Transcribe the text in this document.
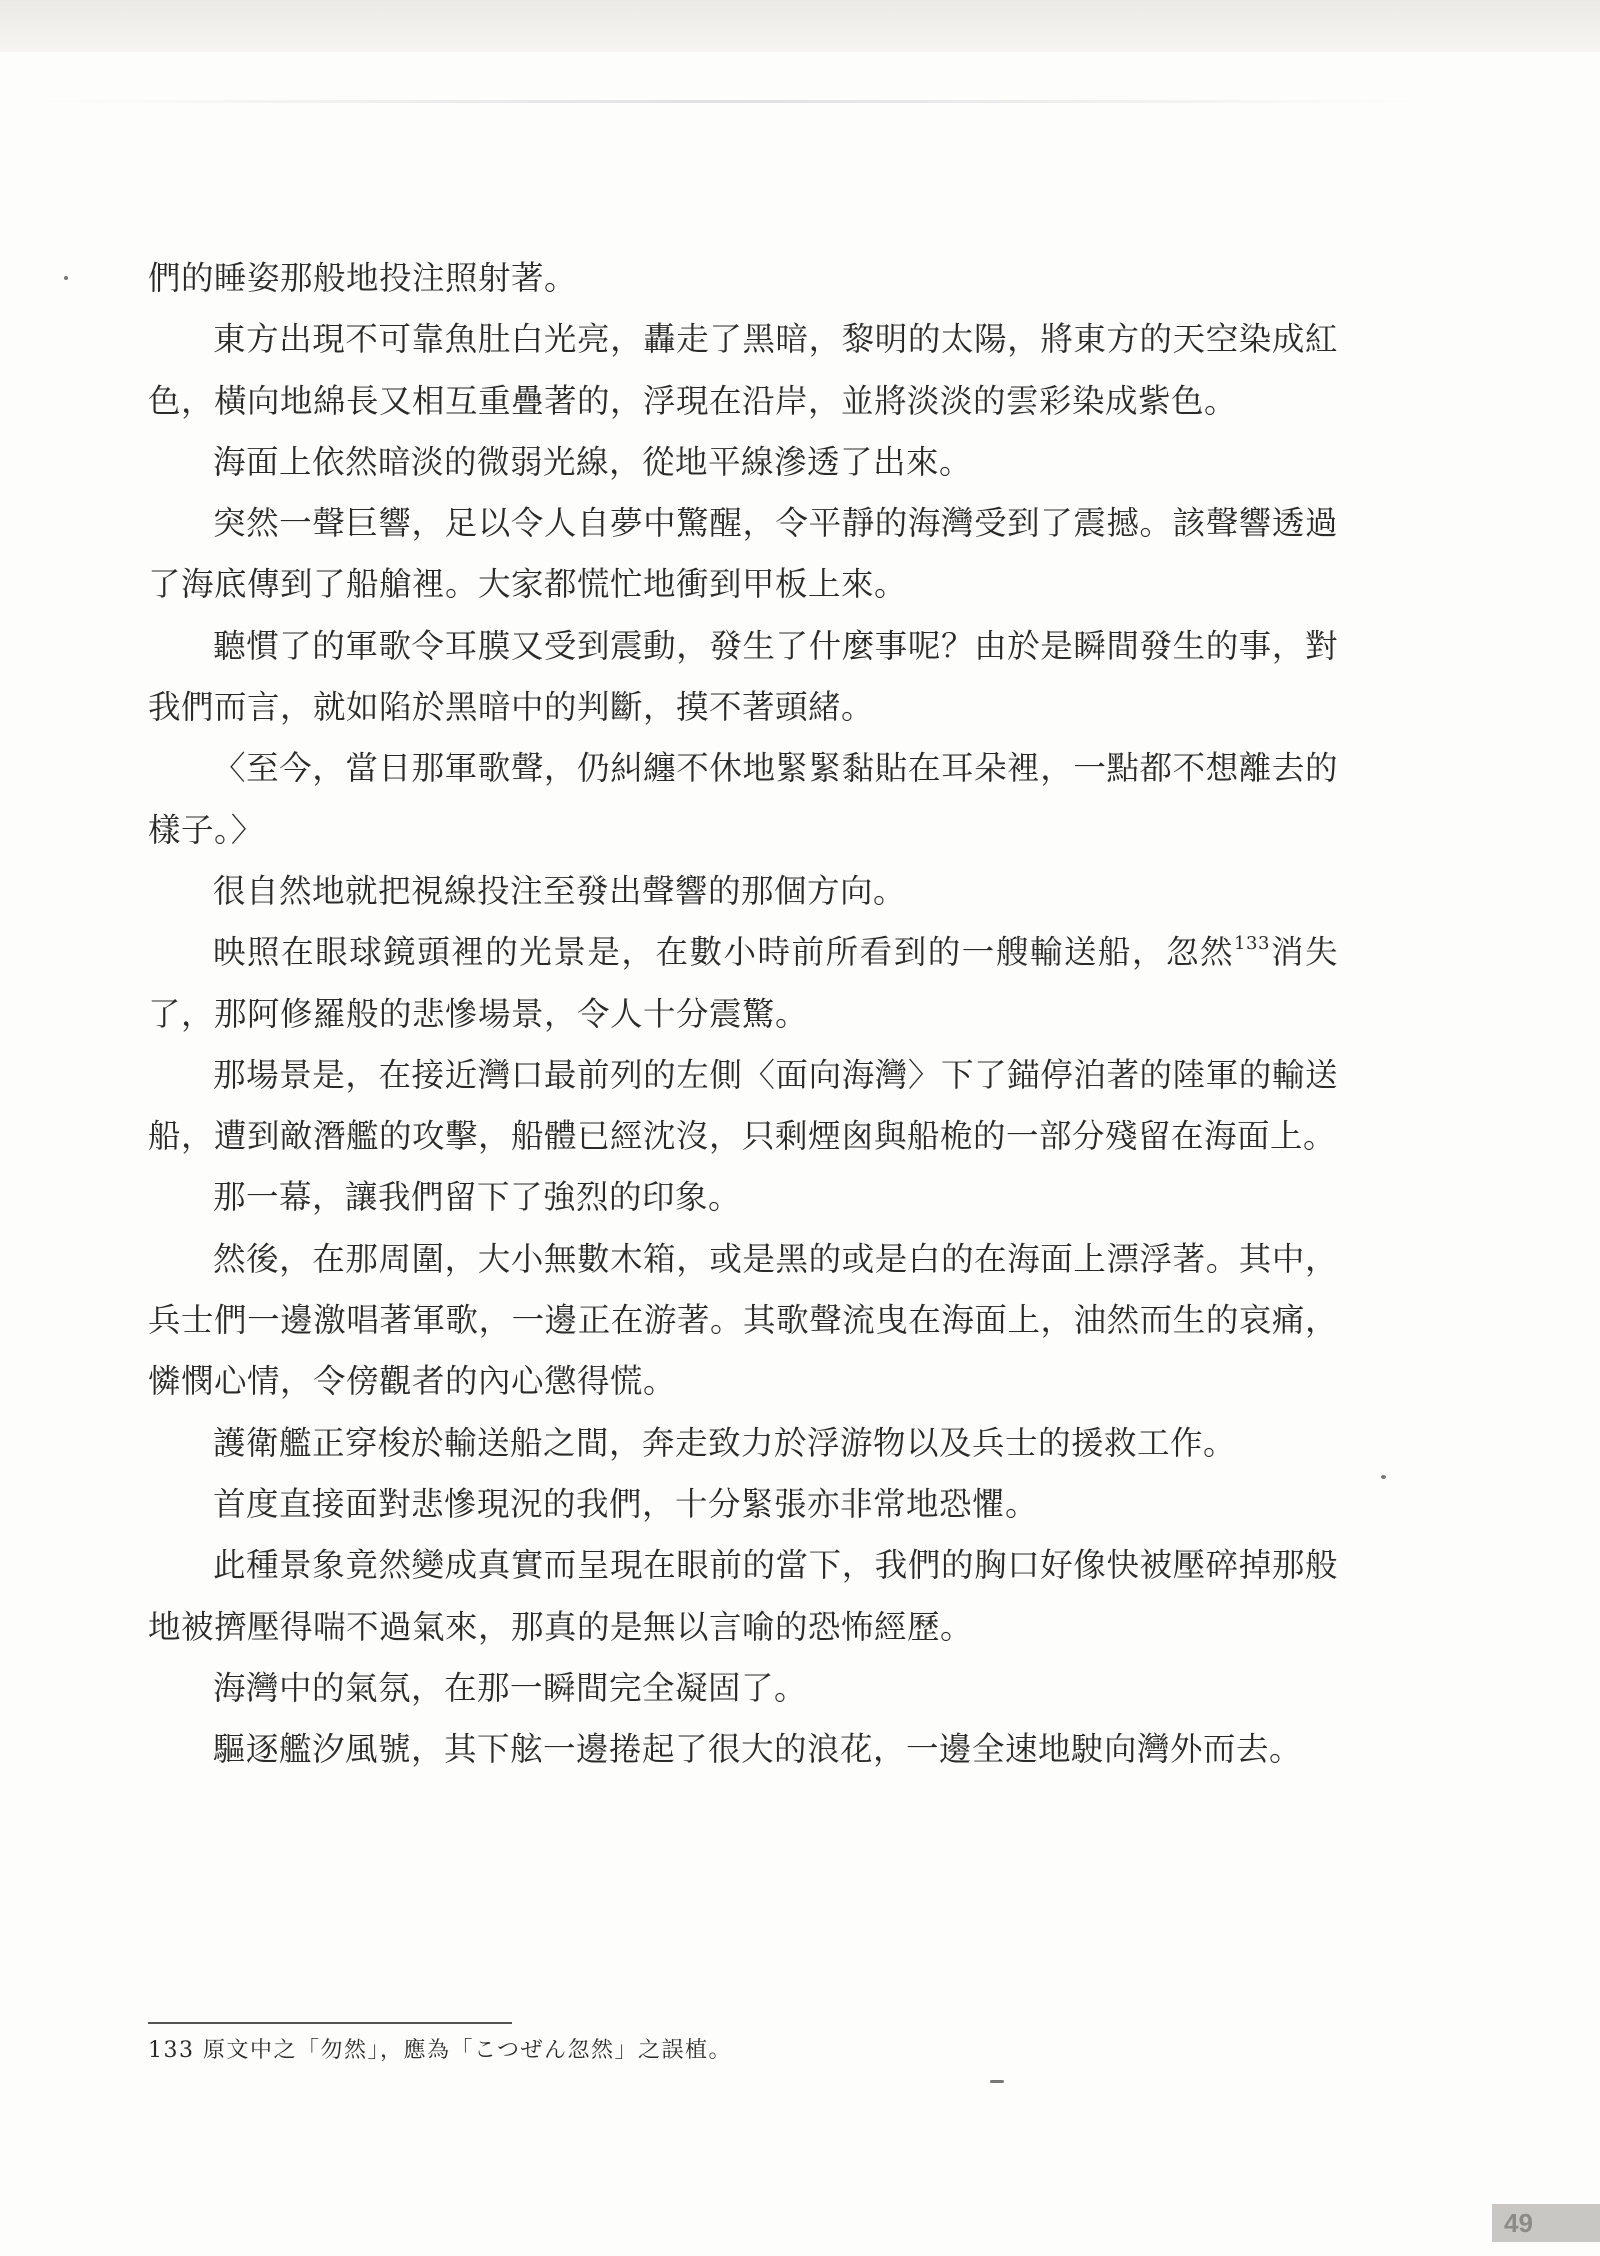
們的睡姿那般地投注照射著。

東方出現不可靠魚肚白光亮，轟走了黑暗，黎明的太陽，將東方的天空染成紅色，橫向地綿長又相互重疊著的，浮現在沿岸，並將淡淡的雲彩染成紫色。

海面上依然暗淡的微弱光線，從地平線滲透了出來。

突然一聲巨響，足以令人自夢中驚醒，令平靜的海灣受到了震撼。該聲響透過了海底傳到了船艙裡。大家都慌忙地衝到甲板上來。

聽慣了的軍歌令耳膜又受到震動，發生了什麼事呢？由於是瞬間發生的事，對我們而言，就如陷於黑暗中的判斷，摸不著頭緒。

〈至今，當日那軍歌聲，仍糾纏不休地緊緊黏貼在耳朵裡，一點都不想離去的樣子。〉

很自然地就把視線投注至發出聲響的那個方向。

映照在眼球鏡頭裡的光景是，在數小時前所看到的一艘輸送船，忽然$^{133}$消失了，那阿修羅般的悲慘場景，令人十分震驚。

那場景是，在接近灣口最前列的左側〈面向海灣〉下了錨停泊著的陸軍的輸送船，遭到敵潛艦的攻擊，船體已經沈沒，只剩煙囪與船桅的一部分殘留在海面上。

那一幕，讓我們留下了強烈的印象。

然後，在那周圍，大小無數木箱，或是黑的或是白的在海面上漂浮著。其中，兵士們一邊激唱著軍歌，一邊正在游著。其歌聲流曳在海面上，油然而生的哀痛，憐憫心情，令傍觀者的內心懲得慌。

護衛艦正穿梭於輸送船之間，奔走致力於浮游物以及兵士的援救工作。

首度直接面對悲慘現況的我們，十分緊張亦非常地恐懼。

此種景象竟然變成真實而呈現在眼前的當下，我們的胸口好像快被壓碎掉那般地被擠壓得喘不過氣來，那真的是無以言喻的恐怖經歷。

海灣中的氣氛，在那一瞬間完全凝固了。

驅逐艦汐風號，其下舷一邊捲起了很大的浪花，一邊全速地駛向灣外而去。

133 原文中之「勿然」，應為「こつぜん忽然」之誤植。
49
